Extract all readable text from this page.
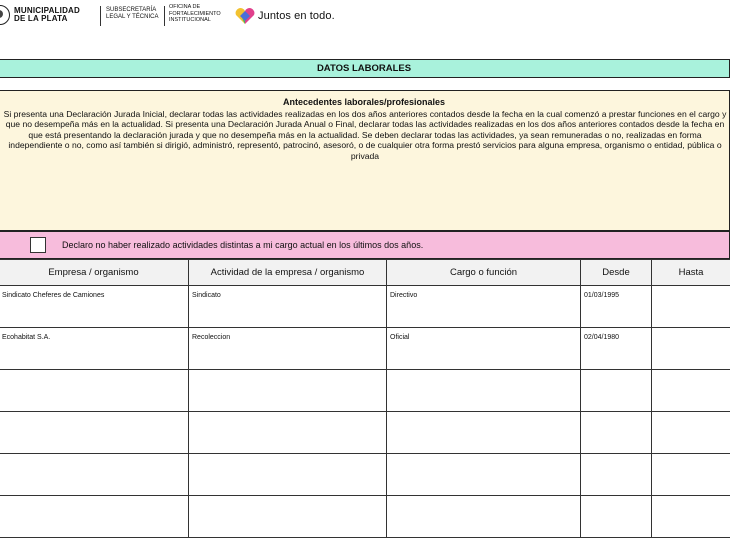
MUNICIPALIDAD
DE LA PLATA
SUBSECRETARÍA
LEGAL Y TÉCNICA
OFICINA DE
FORTALECIMIENTO
INSTITUCIONAL	Juntos en todo.
DATOS LABORALES
Antecedentes laborales/profesionales
Si presenta una Declaración Jurada Inicial, declarar todas las actividades realizadas en los dos años anteriores contados desde la fecha en la cual comenzó a prestar funciones en el cargo y que no desempeña más en la actualidad. Si presenta una Declaración Jurada Anual o Final, declarar todas las actividades realizadas en los dos años anteriores contados desde la fecha en que está presentando la declaración jurada y que no desempeña más en la actualidad. Se deben declarar todas las actividades, ya sean remuneradas o no, realizadas en forma independiente o no, como así también si dirigió, administró, representó, patrocinó, asesoró, o de cualquier otra forma prestó servicios para alguna empresa, organismo o entidad, pública o privada
Declaro no haber realizado actividades distintas a mi cargo actual en los últimos dos años.
Empresa / organismo	Actividad de la empresa / organismo	Cargo o función	Desde	Hasta

Sindicato Cheferes de Camiones	Sindicato	Directivo	01/03/1995	

Ecohabitat S.A.	Recoleccion	Oficial	02/04/1980	
